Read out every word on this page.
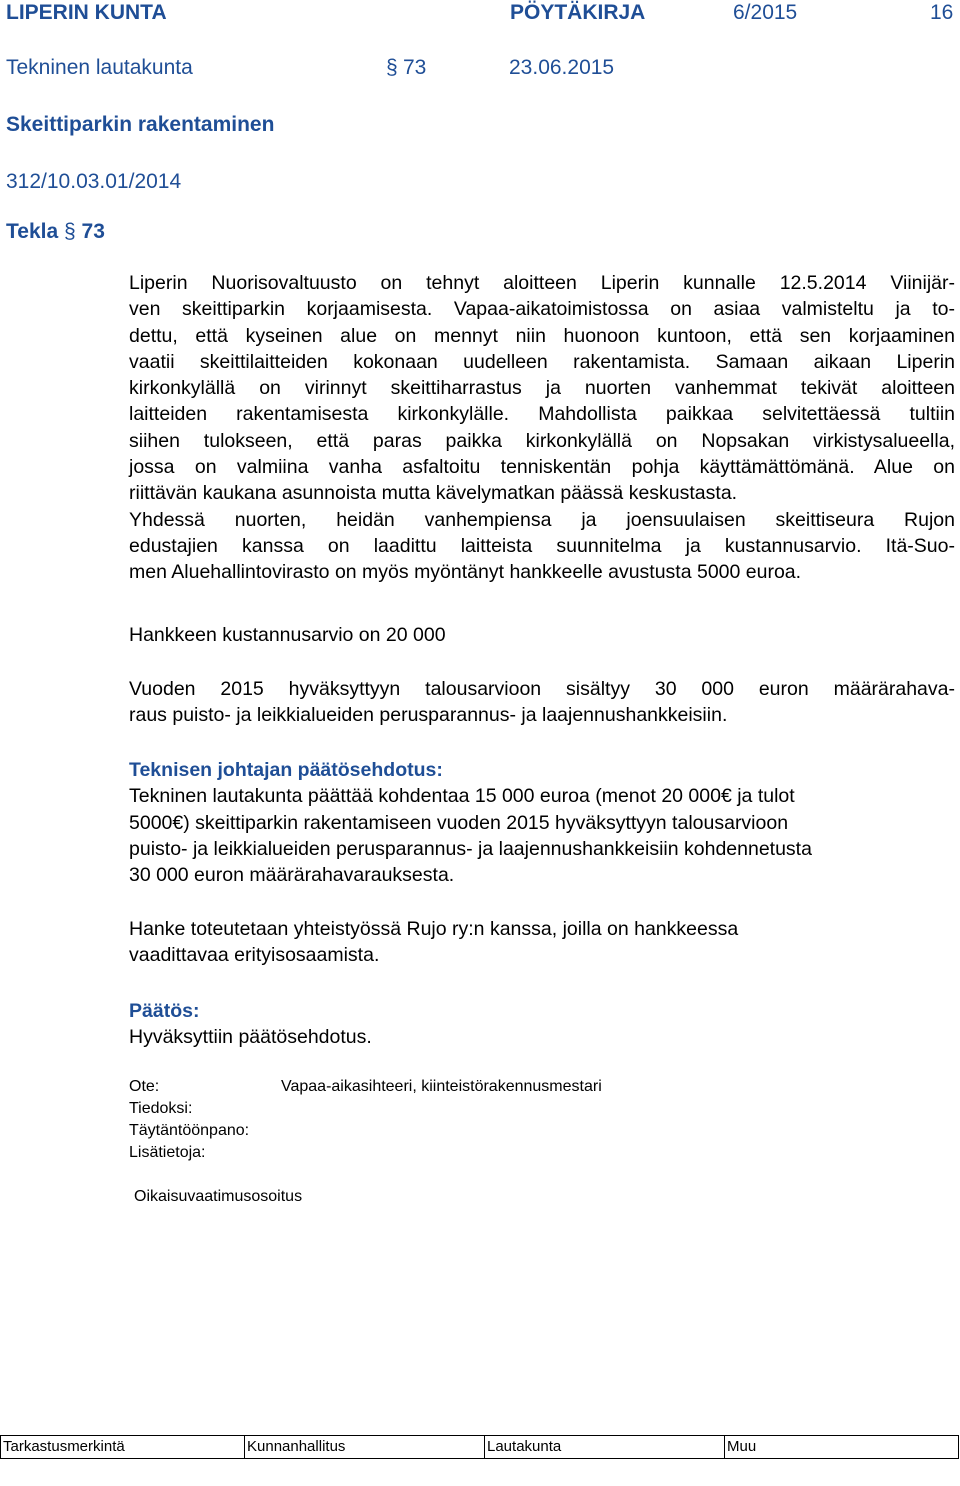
LIPERIN KUNTA	PÖYTÄKIRJA	6/2015	16
Tekninen lautakunta	§ 73	23.06.2015
Skeittiparkin rakentaminen
312/10.03.01/2014
Tekla § 73
Liperin Nuorisovaltuusto on tehnyt aloitteen Liperin kunnalle 12.5.2014 Viinijär-
ven skeittiparkin korjaamisesta. Vapaa-aikatoimistossa on asiaa valmisteltu ja to-
dettu, että kyseinen alue on mennyt niin huonoon kuntoon, että sen korjaaminen
vaatii skeittilaitteiden kokonaan uudelleen rakentamista. Samaan aikaan Liperin
kirkonkylällä on virinnyt skeittiharrastus ja nuorten vanhemmat tekivät aloitteen
laitteiden rakentamisesta kirkonkylälle. Mahdollista paikkaa selvitettäessä tultiin
siihen tulokseen, että paras paikka kirkonkylällä on Nopsakan virkistysalueella,
jossa on valmiina vanha asfaltoitu tenniskentän pohja käyttämättömänä. Alue on
riittävän kaukana asunnoista mutta kävelymatkan päässä keskustasta.
Yhdessä nuorten, heidän vanhempiensa ja joensuulaisen skeittiseura Rujon
edustajien kanssa on laadittu laitteista suunnitelma ja kustannusarvio. Itä-Suo-
men Aluehallintovirasto on myös myöntänyt hankkeelle avustusta 5000 euroa.
Hankkeen kustannusarvio on 20 000
Vuoden 2015 hyväksyttyyn talousarvioon sisältyy 30 000 euron määrärahava-
raus puisto- ja leikkialueiden perusparannus- ja laajennushankkeisiin.
Teknisen johtajan päätösehdotus:
Tekninen lautakunta päättää kohdentaa 15 000 euroa (menot 20 000€ ja tulot
5000€) skeittiparkin rakentamiseen vuoden 2015 hyväksyttyyn talousarvioon
puisto- ja leikkialueiden perusparannus- ja laajennushankkeisiin kohdennetusta
30 000 euron määrärahavarauksesta.
Hanke toteutetaan yhteistyössä Rujo ry:n kanssa, joilla on hankkeessa
vaadittavaa erityisosaamista.
Päätös:
Hyväksyttiin päätösehdotus.
Ote:	Vapaa-aikasihteeri, kiinteistörakennusmestari
Tiedoksi:
Täytäntöönpano:
Lisätietoja:
Oikaisuvaatimusosoitus
Tarkastusmerkintä	Kunnanhallitus	Lautakunta	Muu
